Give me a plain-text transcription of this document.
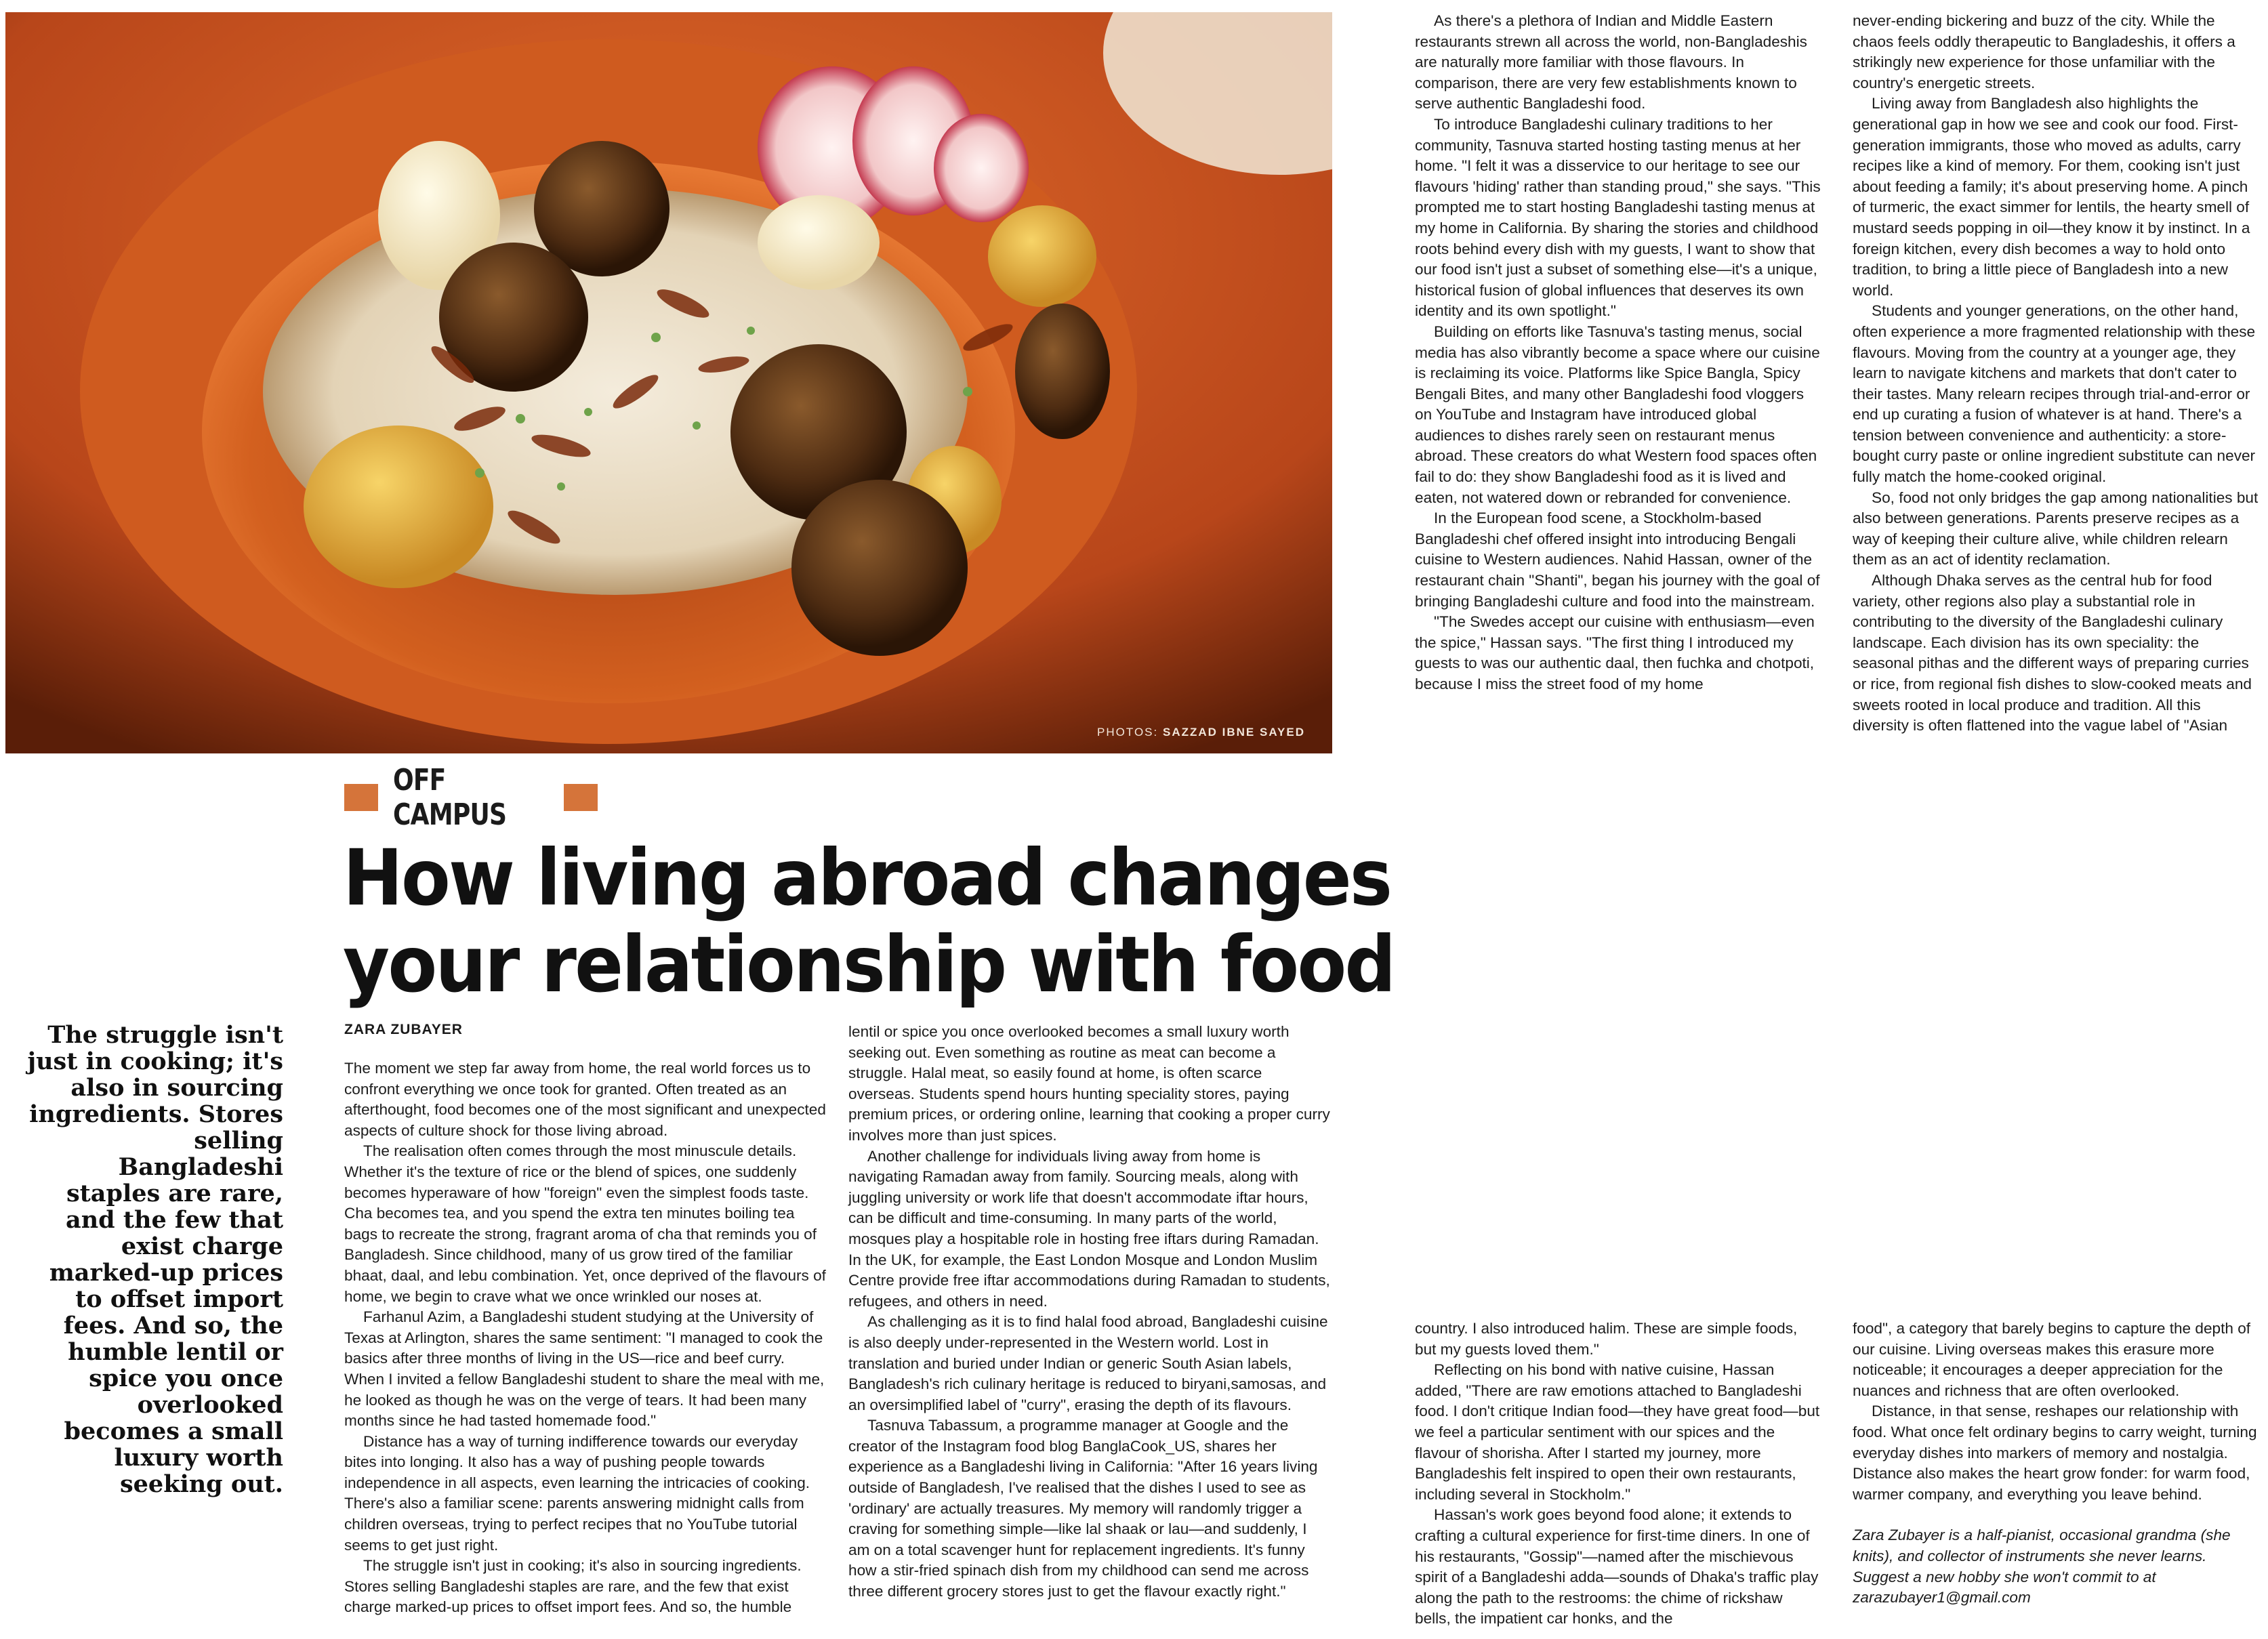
PHOTOS: SAZZAD IBNE SAYED
OFF CAMPUS
How living abroad changes
your relationship with food
The struggle isn't just in cooking; it's also in sourcing ingredients. Stores selling Bangladeshi staples are rare, and the few that exist charge marked-up prices to offset import fees. And so, the humble lentil or spice you once overlooked becomes a small luxury worth seeking out.
ZARA ZUBAYER

The moment we step far away from home, the real world forces us to confront everything we once took for granted. Often treated as an afterthought, food becomes one of the most significant and unexpected aspects of culture shock for those living abroad.

The realisation often comes through the most minuscule details. Whether it's the texture of rice or the blend of spices, one suddenly becomes hyperaware of how "foreign" even the simplest foods taste. Cha becomes tea, and you spend the extra ten minutes boiling tea bags to recreate the strong, fragrant aroma of cha that reminds you of Bangladesh. Since childhood, many of us grow tired of the familiar bhaat, daal, and lebu combination. Yet, once deprived of the flavours of home, we begin to crave what we once wrinkled our noses at.

Farhanul Azim, a Bangladeshi student studying at the University of Texas at Arlington, shares the same sentiment: "I managed to cook the basics after three months of living in the US—rice and beef curry. When I invited a fellow Bangladeshi student to share the meal with me, he looked as though he was on the verge of tears. It had been many months since he had tasted homemade food."

Distance has a way of turning indifference towards our everyday bites into longing. It also has a way of pushing people towards independence in all aspects, even learning the intricacies of cooking. There's also a familiar scene: parents answering midnight calls from children overseas, trying to perfect recipes that no YouTube tutorial seems to get just right.

The struggle isn't just in cooking; it's also in sourcing ingredients. Stores selling Bangladeshi staples are rare, and the few that exist charge marked-up prices to offset import fees. And so, the humble

lentil or spice you once overlooked becomes a small luxury worth seeking out. Even something as routine as meat can become a struggle. Halal meat, so easily found at home, is often scarce overseas. Students spend hours hunting speciality stores, paying premium prices, or ordering online, learning that cooking a proper curry involves more than just spices.

Another challenge for individuals living away from home is navigating Ramadan away from family. Sourcing meals, along with juggling university or work life that doesn't accommodate iftar hours, can be difficult and time-consuming. In many parts of the world, mosques play a hospitable role in hosting free iftars during Ramadan. In the UK, for example, the East London Mosque and London Muslim Centre provide free iftar accommodations during Ramadan to students, refugees, and others in need.

As challenging as it is to find halal food abroad, Bangladeshi cuisine is also deeply under-represented in the Western world. Lost in translation and buried under Indian or generic South Asian labels, Bangladesh's rich culinary heritage is reduced to biryani,samosas, and an oversimplified label of "curry", erasing the depth of its flavours.

Tasnuva Tabassum, a programme manager at Google and the creator of the Instagram food blog BanglaCook_US, shares her experience as a Bangladeshi living in California: "After 16 years living outside of Bangladesh, I've realised that the dishes I used to see as 'ordinary' are actually treasures. My memory will randomly trigger a craving for something simple—like lal shaak or lau—and suddenly, I am on a total scavenger hunt for replacement ingredients. It's funny how a stir-fried spinach dish from my childhood can send me across three different grocery stores just to get the flavour exactly right."

As there's a plethora of Indian and Middle Eastern restaurants strewn all across the world, non-Bangladeshis are naturally more familiar with those flavours. In comparison, there are very few establishments known to serve authentic Bangladeshi food.

To introduce Bangladeshi culinary traditions to her community, Tasnuva started hosting tasting menus at her home. "I felt it was a disservice to our heritage to see our flavours 'hiding' rather than standing proud," she says. "This prompted me to start hosting Bangladeshi tasting menus at my home in California. By sharing the stories and childhood roots behind every dish with my guests, I want to show that our food isn't just a subset of something else—it's a unique, historical fusion of global influences that deserves its own identity and its own spotlight."

Building on efforts like Tasnuva's tasting menus, social media has also vibrantly become a space where our cuisine is reclaiming its voice. Platforms like Spice Bangla, Spicy Bengali Bites, and many other Bangladeshi food vloggers on YouTube and Instagram have introduced global audiences to dishes rarely seen on restaurant menus abroad. These creators do what Western food spaces often fail to do: they show Bangladeshi food as it is lived and eaten, not watered down or rebranded for convenience.

In the European food scene, a Stockholm-based Bangladeshi chef offered insight into introducing Bengali cuisine to Western audiences. Nahid Hassan, owner of the restaurant chain "Shanti", began his journey with the goal of bringing Bangladeshi culture and food into the mainstream.

"The Swedes accept our cuisine with enthusiasm—even the spice," Hassan says. "The first thing I introduced my guests to was our authentic daal, then fuchka and chotpoti, because I miss the street food of my home

never-ending bickering and buzz of the city. While the chaos feels oddly therapeutic to Bangladeshis, it offers a strikingly new experience for those unfamiliar with the country's energetic streets.

Living away from Bangladesh also highlights the generational gap in how we see and cook our food. First-generation immigrants, those who moved as adults, carry recipes like a kind of memory. For them, cooking isn't just about feeding a family; it's about preserving home. A pinch of turmeric, the exact simmer for lentils, the hearty smell of mustard seeds popping in oil—they know it by instinct. In a foreign kitchen, every dish becomes a way to hold onto tradition, to bring a little piece of Bangladesh into a new world.

Students and younger generations, on the other hand, often experience a more fragmented relationship with these flavours. Moving from the country at a younger age, they learn to navigate kitchens and markets that don't cater to their tastes. Many relearn recipes through trial-and-error or end up curating a fusion of whatever is at hand. There's a tension between convenience and authenticity: a store-bought curry paste or online ingredient substitute can never fully match the home-cooked original.

So, food not only bridges the gap among nationalities but also between generations. Parents preserve recipes as a way of keeping their culture alive, while children relearn them as an act of identity reclamation.

Although Dhaka serves as the central hub for food variety, other regions also play a substantial role in contributing to the diversity of the Bangladeshi culinary landscape. Each division has its own speciality: the seasonal pithas and the different ways of preparing curries or rice, from regional fish dishes to slow-cooked meats and sweets rooted in local produce and tradition. All this diversity is often flattened into the vague label of "Asian

country. I also introduced halim. These are simple foods, but my guests loved them."

Reflecting on his bond with native cuisine, Hassan added, "There are raw emotions attached to Bangladeshi food. I don't critique Indian food—they have great food—but we feel a particular sentiment with our spices and the flavour of shorisha. After I started my journey, more Bangladeshis felt inspired to open their own restaurants, including several in Stockholm."

Hassan's work goes beyond food alone; it extends to crafting a cultural experience for first-time diners. In one of his restaurants, "Gossip"—named after the mischievous spirit of a Bangladeshi adda—sounds of Dhaka's traffic play along the path to the restrooms: the chime of rickshaw bells, the impatient car honks, and the

food", a category that barely begins to capture the depth of our cuisine. Living overseas makes this erasure more noticeable; it encourages a deeper appreciation for the nuances and richness that are often overlooked.

Distance, in that sense, reshapes our relationship with food. What once felt ordinary begins to carry weight, turning everyday dishes into markers of memory and nostalgia. Distance also makes the heart grow fonder: for warm food, warmer company, and everything you leave behind.

Zara Zubayer is a half-pianist, occasional grandma (she knits), and collector of instruments she never learns. Suggest a new hobby she won't commit to at zarazubayer1@gmail.com
